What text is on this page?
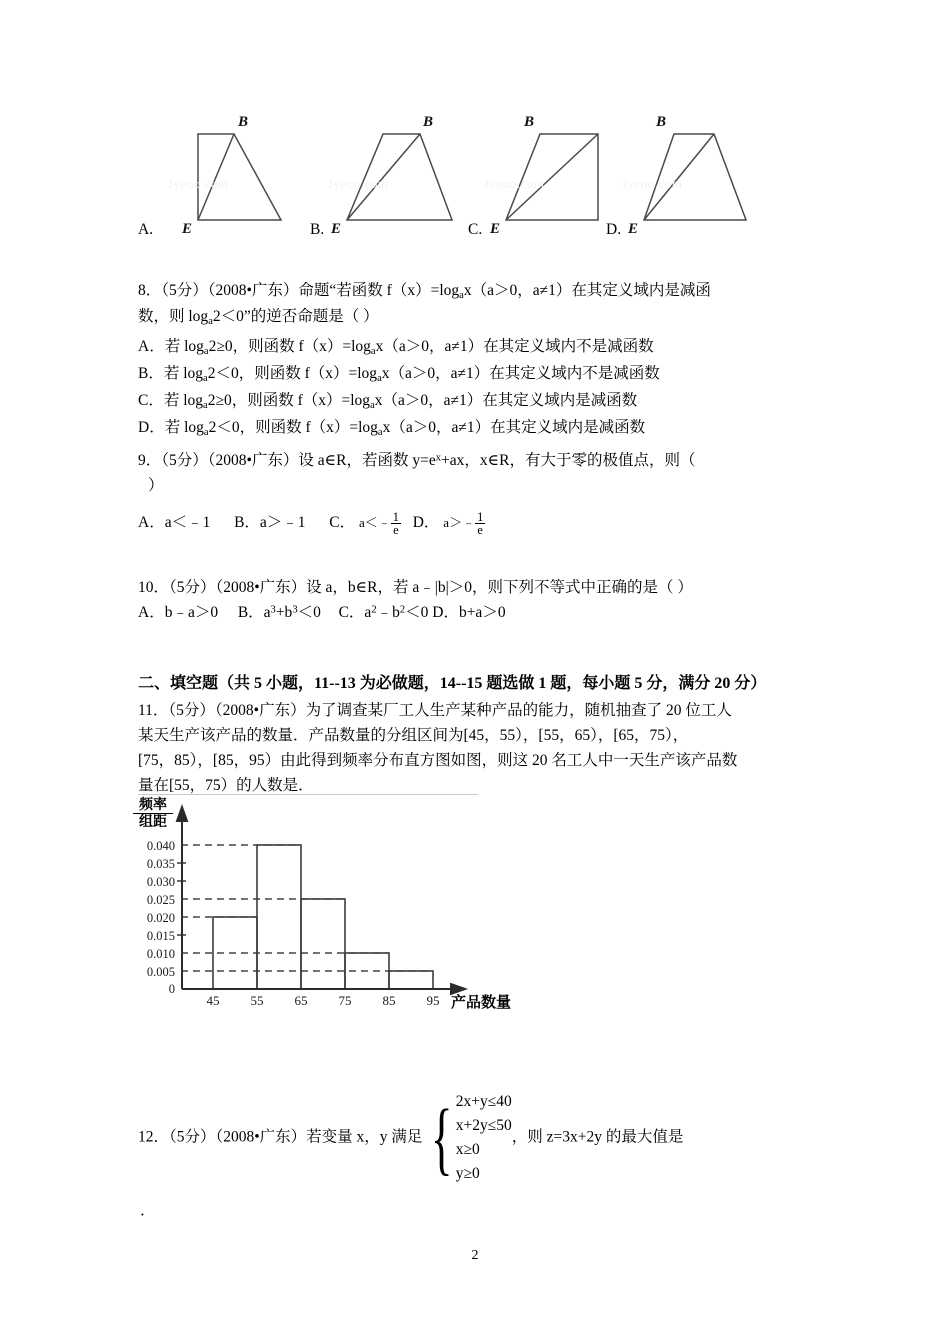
A.
B
E
Jyeoo.com
B.
B
E
Jyeoo.com
C.
B
E
Jyeoo.com
D.
B
E
Jyeoo.com
8．（5分）（2008•广东）命题“若函数 $f(x)=\log_ax(a>0$，a≠1）在其定义域内是减函
数，则 $\log_a2<0$”的逆否命题是（ ）
A．若 $\log_a2\ge 0$，则函数 $f(x)=\log_ax(a>0$，a≠1）在其定义域内不是减函数
B．若 $\log_a2<0$，则函数 $f(x)=\log_ax(a>0$，a≠1）在其定义域内不是减函数
C．若 $\log_a2\ge 0$，则函数 $f(x)=\log_ax(a>0$，a≠1）在其定义域内是减函数
D．若 $\log_a2<0$，则函数 $f(x)=\log_ax(a>0$，a≠1）在其定义域内是减函数
9．（5分）（2008•广东）设 a∈R，若函数 $y=e^x+ax$，x∈R，有大于零的极值点，则（
）
A．a＜﹣1 B．a＞﹣1 C． a＜﹣ $\frac{1}{e}$ D． a＞﹣ $\frac{1}{e}$
10．（5分）（2008•广东）设 a，b∈R，若 a﹣|b|＞0，则下列不等式中正确的是（ ）
A．b﹣a＞0 B．$a^3+b^3<0$ C．$a^2﹣b^2<0$ D．b+a＞0
二、填空题（共 5 小题，11--13 为必做题，14--15 题选做 1 题，每小题 5 分，满分 20 分）
11．（5分）（2008•广东）为了调查某厂工人生产某种产品的能力，随机抽查了 20 位工人
某天生产该产品的数量．产品数量的分组区间为[45，55），[55，65），[65，75），
[75，85），[85，95）由此得到频率分布直方图如图，则这 20 名工人中一天生产该产品数
量在[55，75）的人数是．
频率
组距
0.040
0.035
0.030
0.025
0.020
0.015
0.010
0.005
0
45	55	65	75	85	95 产品数量
12．（5分）（2008•广东）若变量 x，y 满足 { 2x+y≤40
x+2y≤50
x≥0
y≥0
，则 z=3x+2y 的最大值是
．
2
